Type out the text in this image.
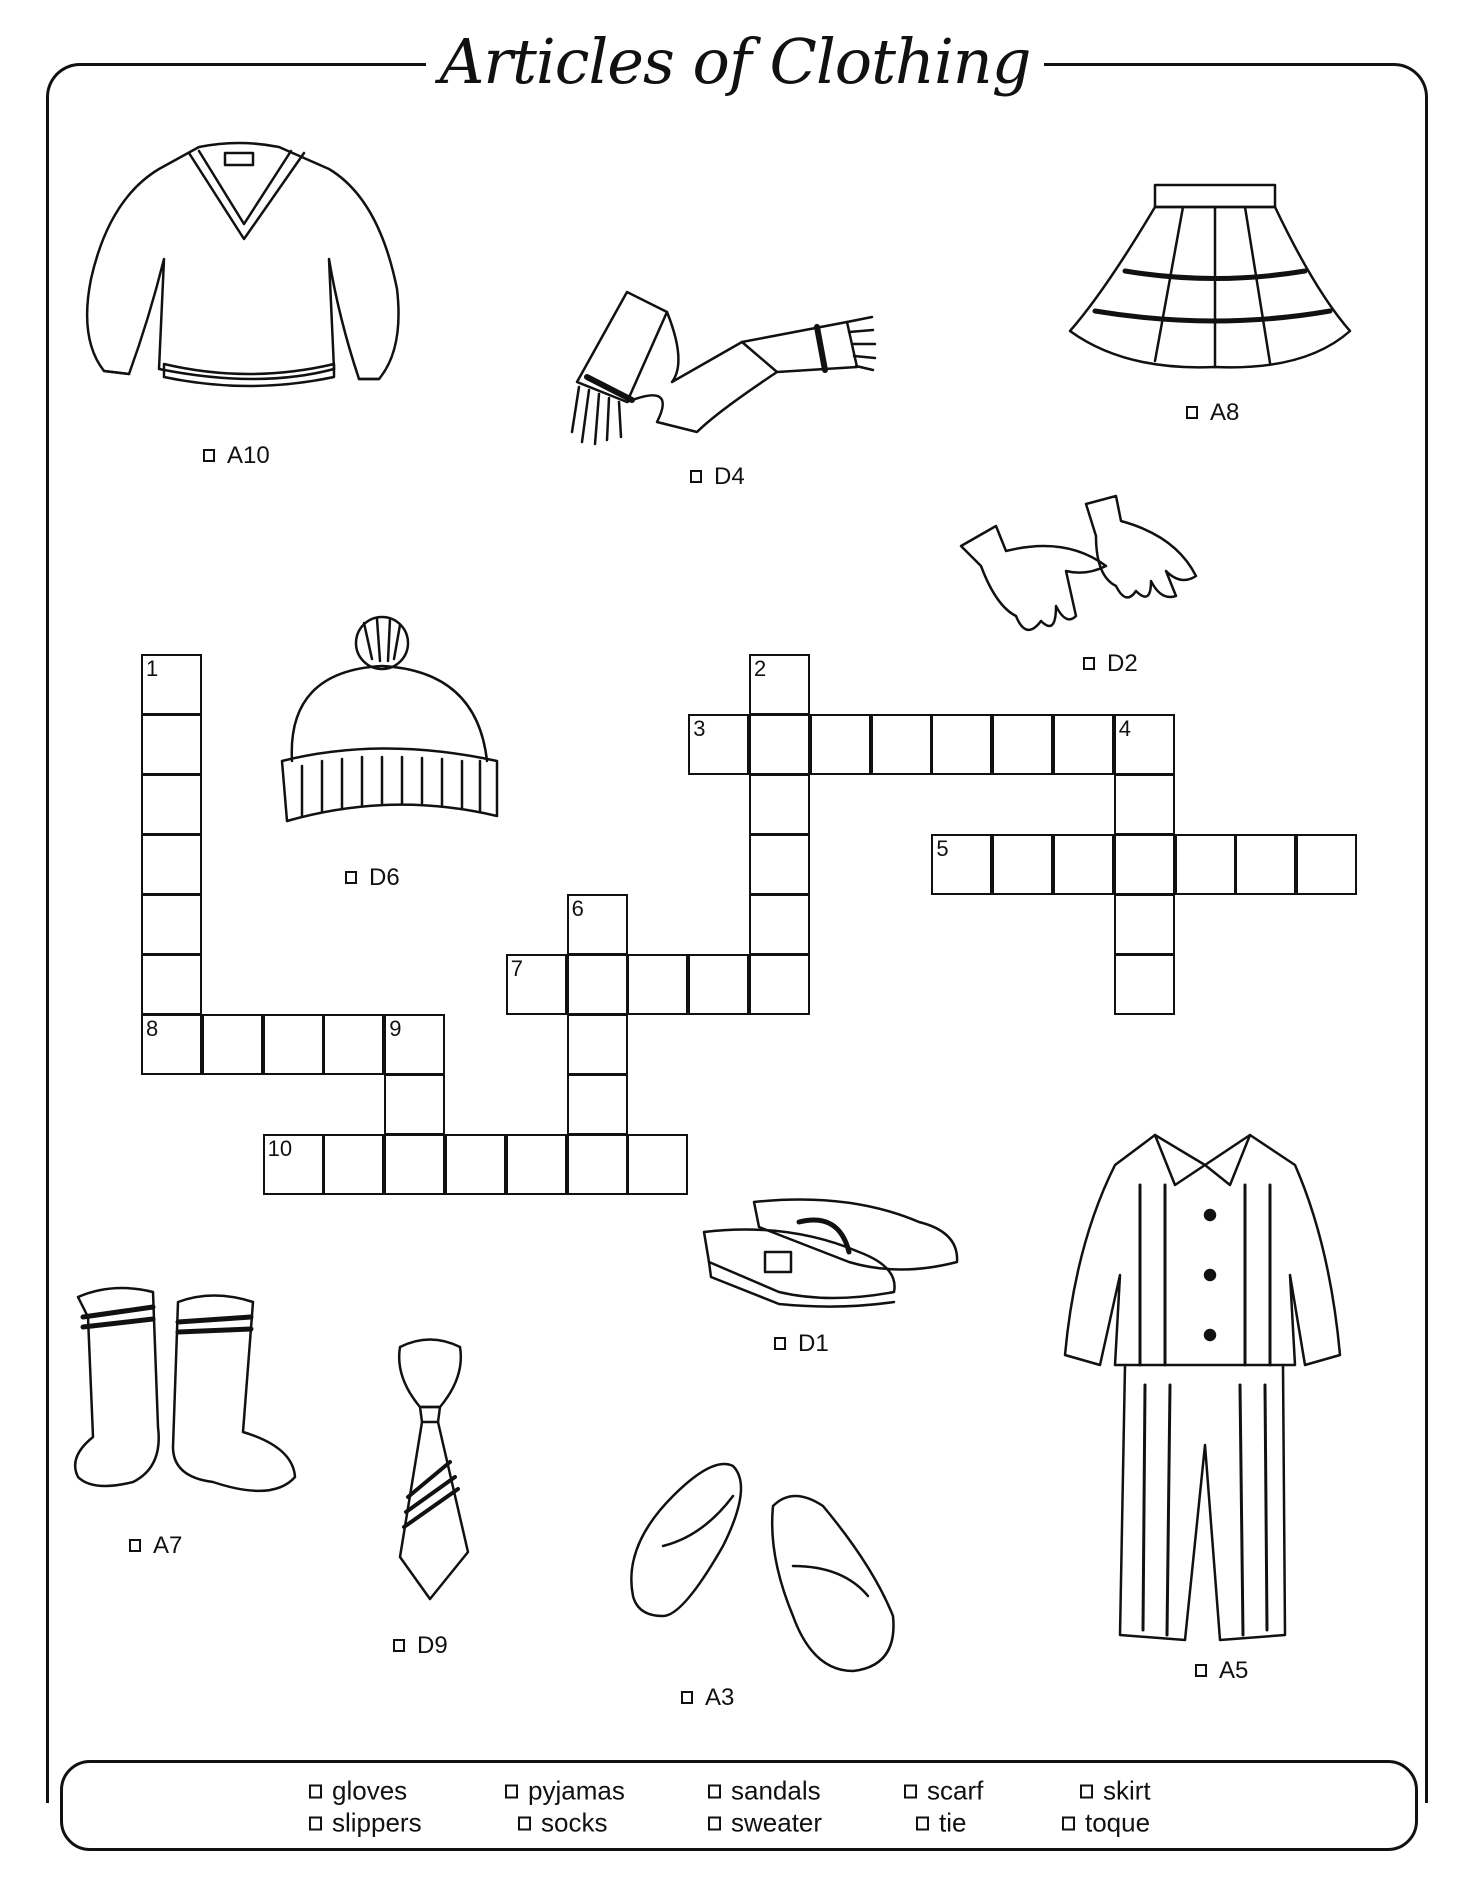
Articles of Clothing
A10
D4
A8
D2
D6
D1
A7
D9
A3
A5
1
8
2
3	4
5
6
7
9
10
gloves	pyjamas	sandals	scarf	skirt
slippers	socks	sweater	tie	toque
